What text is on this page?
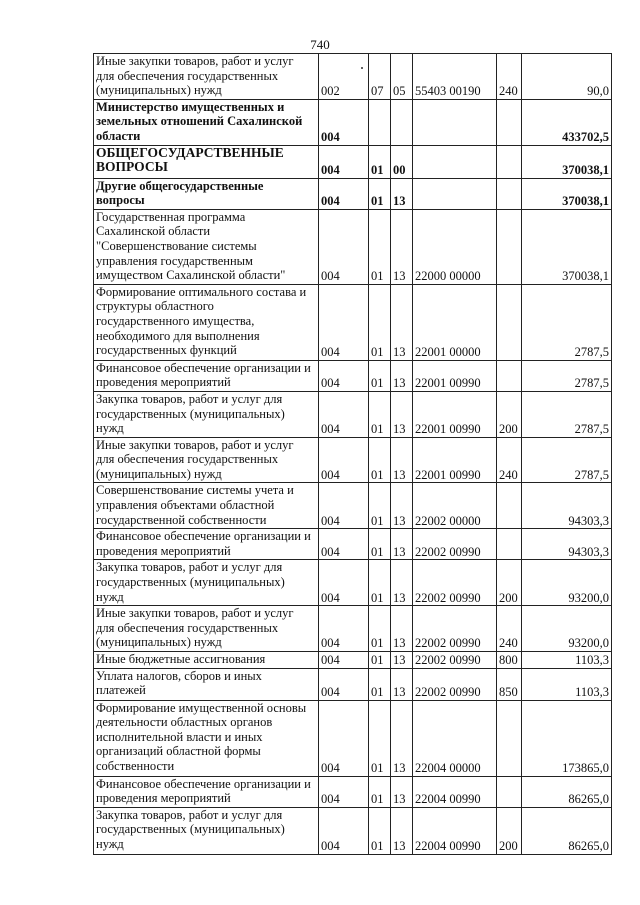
740
Иные закупки товаров, работ и услуг
для обеспечения государственных
(муниципальных) нужд	002	07	05	55403 00190	240	90,0
Министерство имущественных и
земельных отношений Сахалинской
области	004					433702,5
ОБЩЕГОСУДАРСТВЕННЫЕ
ВОПРОСЫ	004	01	00			370038,1
Другие общегосударственные
вопросы	004	01	13			370038,1
Государственная программа
Сахалинской области
"Совершенствование системы
управления государственным
имуществом Сахалинской области"	004	01	13	22000 00000		370038,1
Формирование оптимального состава и
структуры областного
государственного имущества,
необходимого для выполнения
государственных функций	004	01	13	22001 00000		2787,5
Финансовое обеспечение организации и
проведения мероприятий	004	01	13	22001 00990		2787,5
Закупка товаров, работ и услуг для
государственных (муниципальных)
нужд	004	01	13	22001 00990	200	2787,5
Иные закупки товаров, работ и услуг
для обеспечения государственных
(муниципальных) нужд	004	01	13	22001 00990	240	2787,5
Совершенствование системы учета и
управления объектами областной
государственной собственности	004	01	13	22002 00000		94303,3
Финансовое обеспечение организации и
проведения мероприятий	004	01	13	22002 00990		94303,3
Закупка товаров, работ и услуг для
государственных (муниципальных)
нужд	004	01	13	22002 00990	200	93200,0
Иные закупки товаров, работ и услуг
для обеспечения государственных
(муниципальных) нужд	004	01	13	22002 00990	240	93200,0
Иные бюджетные ассигнования	004	01	13	22002 00990	800	1103,3
Уплата налогов, сборов и иных
платежей	004	01	13	22002 00990	850	1103,3
Формирование имущественной основы
деятельности областных органов
исполнительной власти и иных
организаций областной формы
собственности	004	01	13	22004 00000		173865,0
Финансовое обеспечение организации и
проведения мероприятий	004	01	13	22004 00990		86265,0
Закупка товаров, работ и услуг для
государственных (муниципальных)
нужд	004	01	13	22004 00990	200	86265,0
